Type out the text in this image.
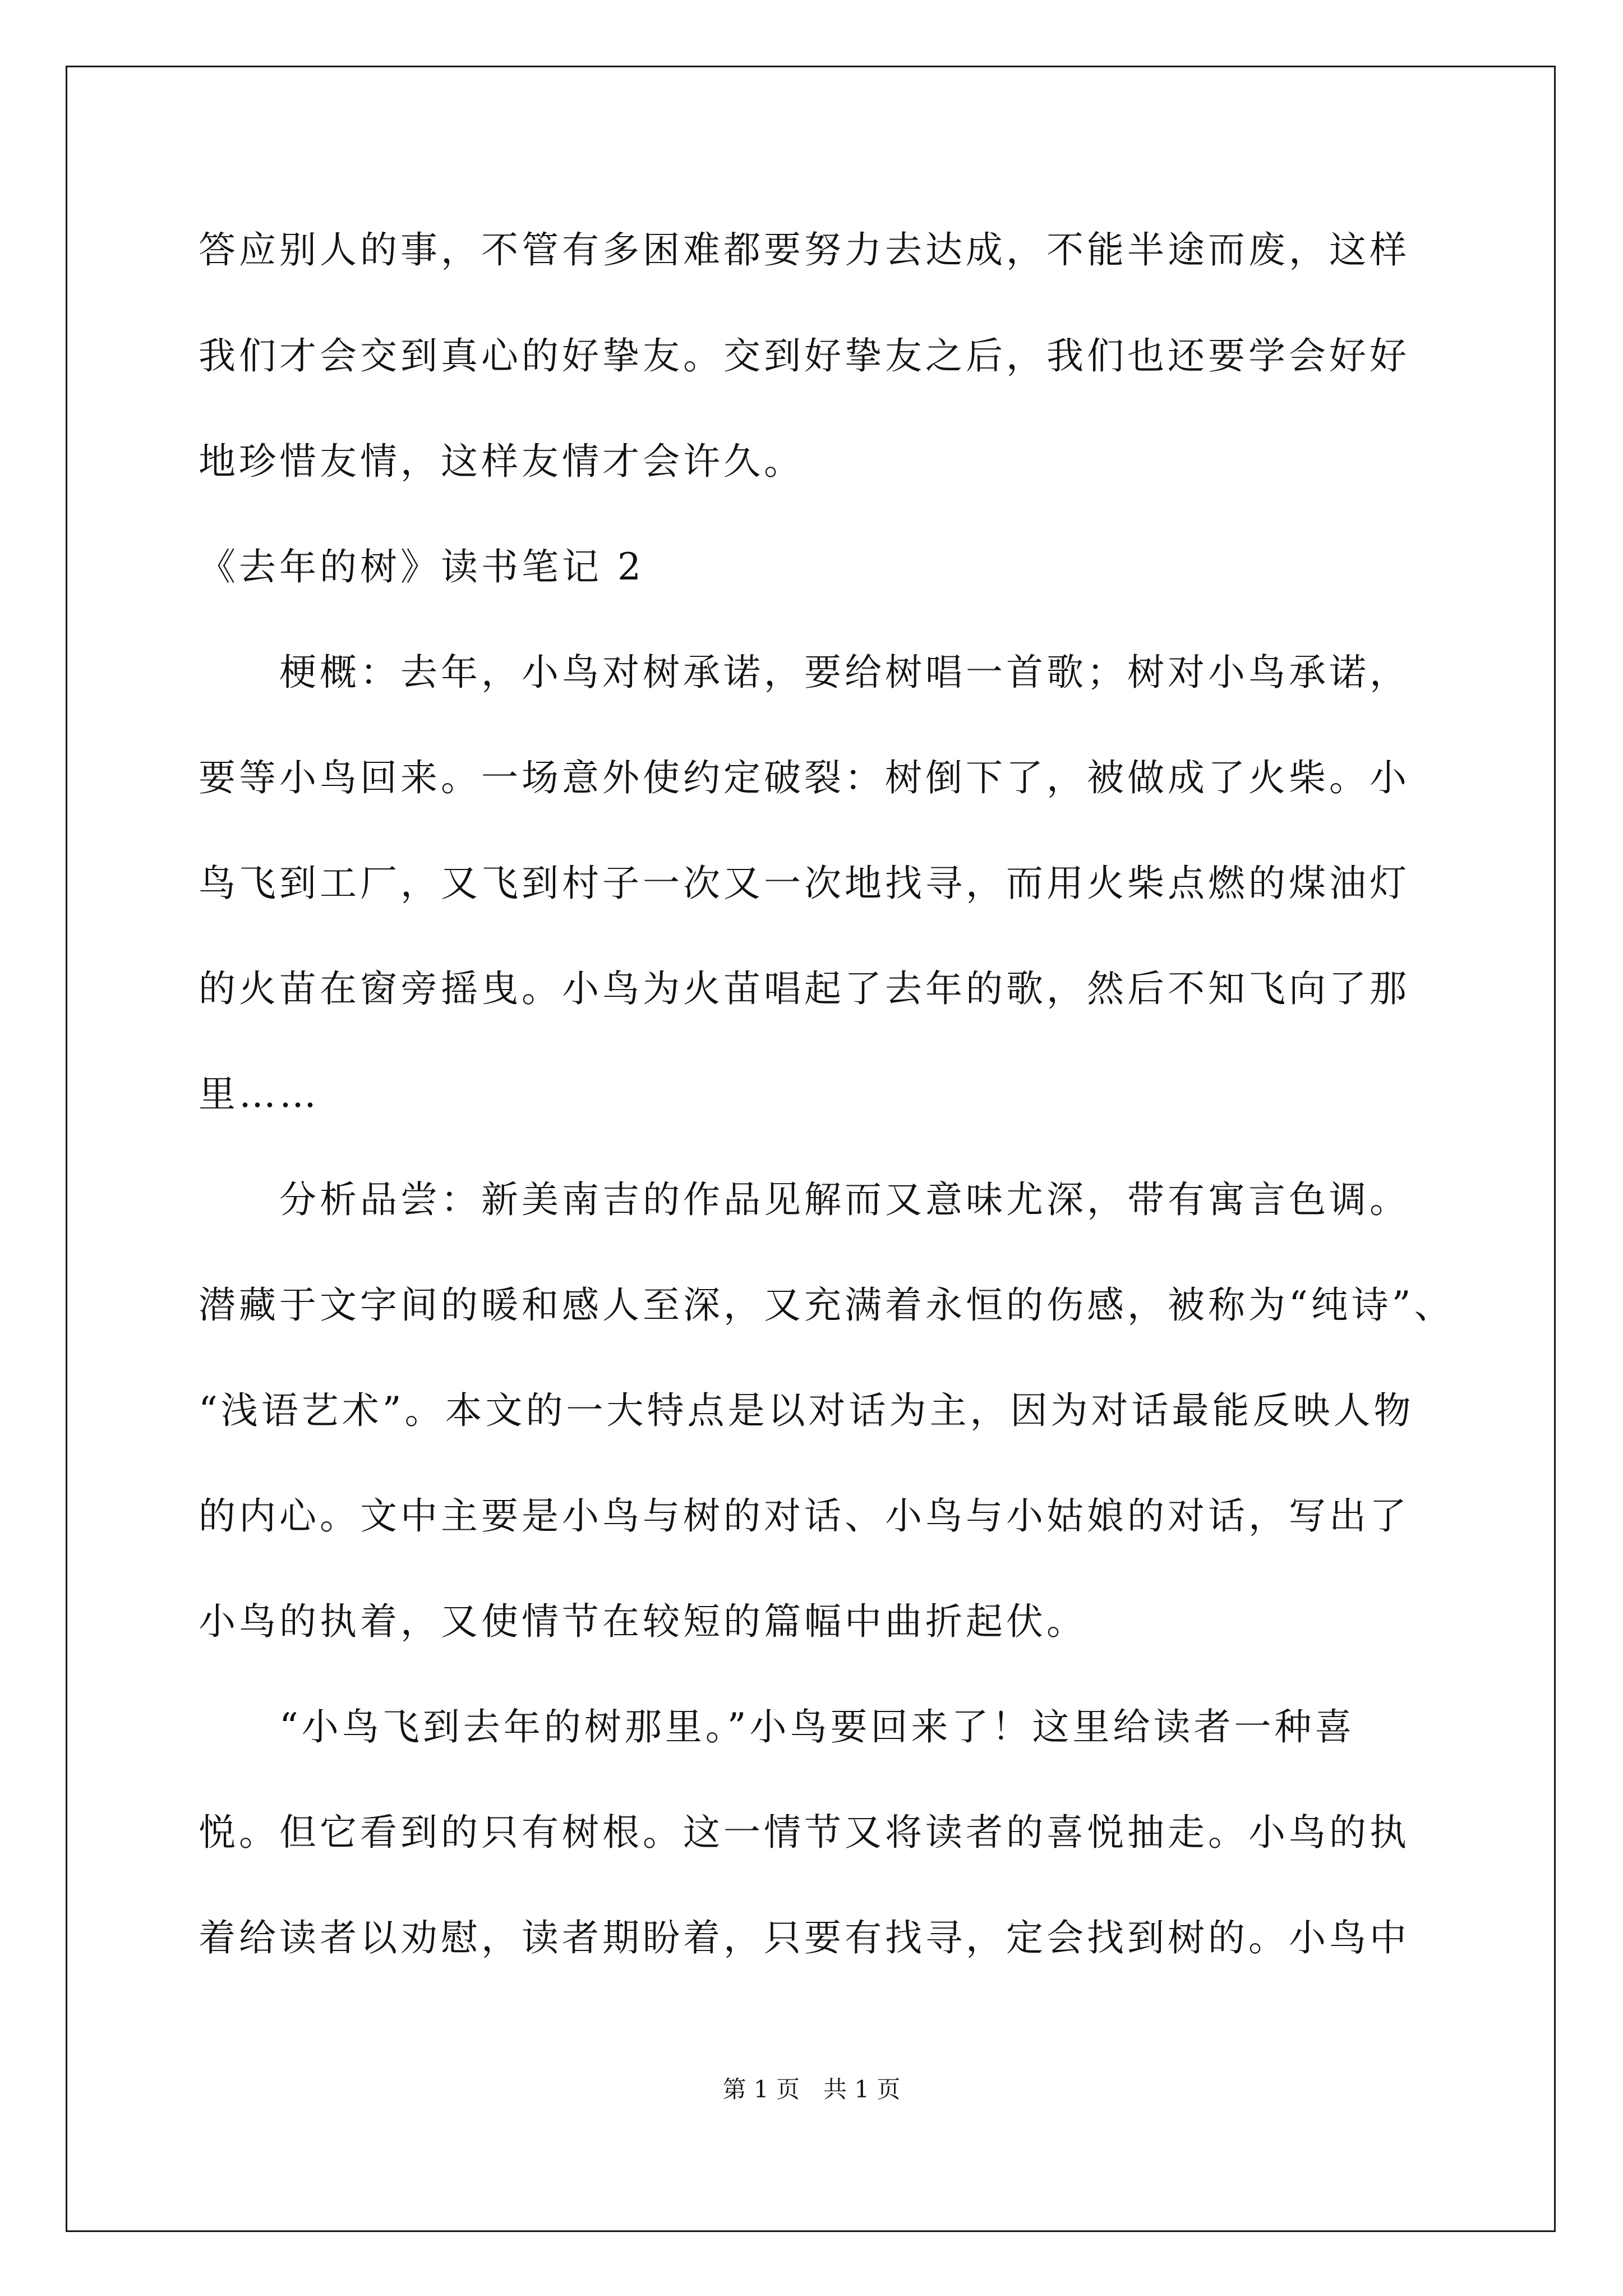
答应别人的事，不管有多困难都要努力去达成，不能半途而废，这样
我们才会交到真心的好挚友。交到好挚友之后，我们也还要学会好好
地珍惜友情，这样友情才会许久。
《去年的树》读书笔记 2
　　梗概：去年，小鸟对树承诺，要给树唱一首歌；树对小鸟承诺，
要等小鸟回来。一场意外使约定破裂：树倒下了，被做成了火柴。小
鸟飞到工厂，又飞到村子一次又一次地找寻，而用火柴点燃的煤油灯
的火苗在窗旁摇曳。小鸟为火苗唱起了去年的歌，然后不知飞向了那
里……
　　分析品尝：新美南吉的作品见解而又意味尤深，带有寓言色调。
潜藏于文字间的暖和感人至深，又充满着永恒的伤感，被称为“纯诗”、
“浅语艺术”。本文的一大特点是以对话为主，因为对话最能反映人物
的内心。文中主要是小鸟与树的对话、小鸟与小姑娘的对话，写出了
小鸟的执着，又使情节在较短的篇幅中曲折起伏。
　　“小鸟飞到去年的树那里。”小鸟要回来了！这里给读者一种喜
悦。但它看到的只有树根。这一情节又将读者的喜悦抽走。小鸟的执
着给读者以劝慰，读者期盼着，只要有找寻，定会找到树的。小鸟中
第 1 页　共 1 页
